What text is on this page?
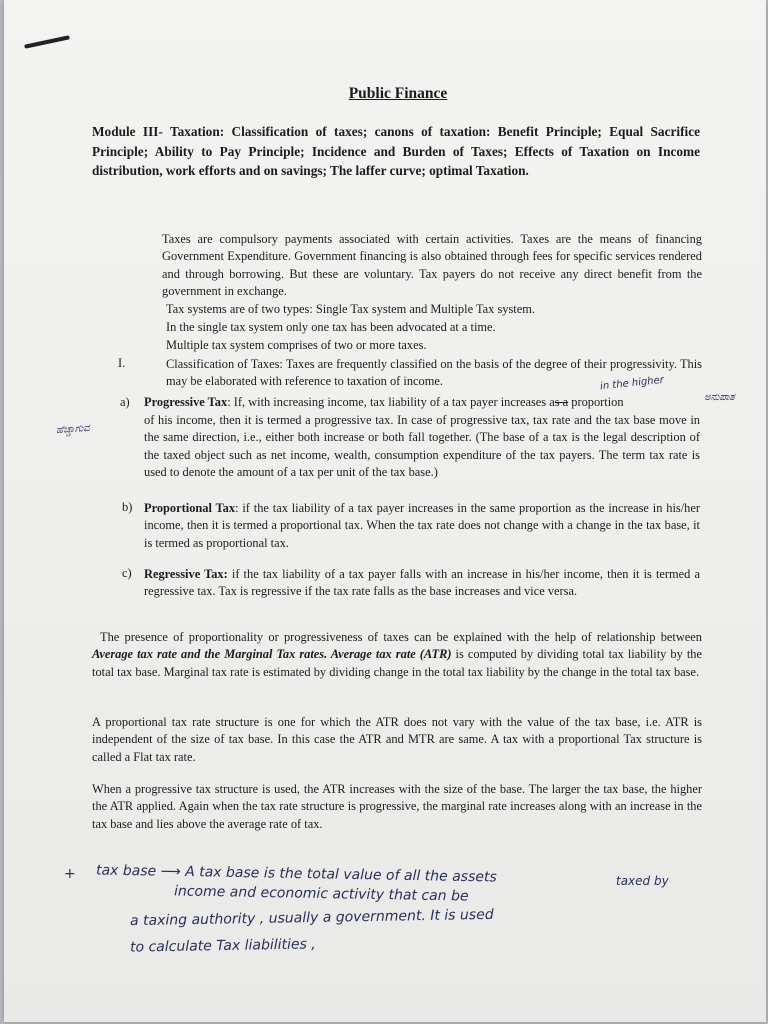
Public Finance
Module III- Taxation: Classification of taxes; canons of taxation: Benefit Principle; Equal Sacrifice Principle; Ability to Pay Principle; Incidence and Burden of Taxes; Effects of Taxation on Income distribution, work efforts and on savings; The laffer curve; optimal Taxation.
Taxes are compulsory payments associated with certain activities. Taxes are the means of financing Government Expenditure. Government financing is also obtained through fees for specific services rendered and through borrowing. But these are voluntary. Tax payers do not receive any direct benefit from the government in exchange.
Tax systems are of two types: Single Tax system and Multiple Tax system.
In the single tax system only one tax has been advocated at a time.
Multiple tax system comprises of two or more taxes.
I.	Classification of Taxes: Taxes are frequently classified on the basis of the degree of their progressivity. This may be elaborated with reference to taxation of income.	in the higher
ಅನುಪಾತ
ಹೆಚ್ಚಾಗುವ
a) Progressive Tax: If, with increasing income, tax liability of a tax payer increases as a proportion
of his income, then it is termed a progressive tax. In case of progressive tax, tax rate and the tax base move in the same direction, i.e., either both increase or both fall together. (The base of a tax is the legal description of the taxed object such as net income, wealth, consumption expenditure of the tax payers. The term tax rate is used to denote the amount of a tax per unit of the tax base.)
b) Proportional Tax: if the tax liability of a tax payer increases in the same proportion as the increase in his/her income, then it is termed a proportional tax. When the tax rate does not change with a change in the tax base, it is termed as proportional tax.
c) Regressive Tax: if the tax liability of a tax payer falls with an increase in his/her income, then it is termed a regressive tax. Tax is regressive if the tax rate falls as the base increases and vice versa.
The presence of proportionality or progressiveness of taxes can be explained with the help of relationship between Average tax rate and the Marginal Tax rates. Average tax rate (ATR) is computed by dividing total tax liability by the total tax base. Marginal tax rate is estimated by dividing change in the total tax liability by the change in the total tax base.
A proportional tax rate structure is one for which the ATR does not vary with the value of the tax base, i.e. ATR is independent of the size of tax base. In this case the ATR and MTR are same. A tax with a proportional Tax structure is called a Flat tax rate.
When a progressive tax structure is used, the ATR increases with the size of the base. The larger the tax base, the higher the ATR applied. Again when the tax rate structure is progressive, the marginal rate increases along with an increase in the tax base and lies above the average rate of tax.
+ tax base ⟶ A tax base is the total value of all the assets	taxed by
income and economic activity that can be
a taxing authority , usually a government. It is used
to calculate Tax liabilities ,
